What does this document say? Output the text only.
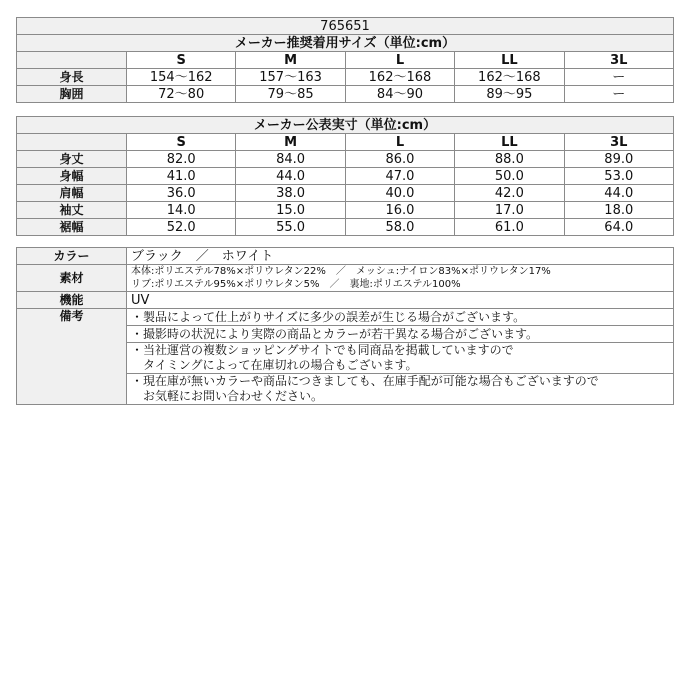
765651					
メーカー推奨着用サイズ（単位:cm）					
	S	M	L	LL	3L
身長	154〜162	157〜163	162〜168	162〜168	ー
胸囲	72〜80	79〜85	84〜90	89〜95	ー
メーカー公表実寸（単位:cm）					
	S	M	L	LL	3L
身丈	82.0	84.0	86.0	88.0	89.0
身幅	41.0	44.0	47.0	50.0	53.0
肩幅	36.0	38.0	40.0	42.0	44.0
袖丈	14.0	15.0	16.0	17.0	18.0
裾幅	52.0	55.0	58.0	61.0	64.0
カラー	ブラック　／　ホワイト
素材	本体:ポリエステル78%×ポリウレタン22%　／　メッシュ:ナイロン83%×ポリウレタン17%
リブ:ポリエステル95%×ポリウレタン5%　／　裏地:ポリエステル100%

機能	UV
備考	・製品によって仕上がりサイズに多少の誤差が生じる場合がございます。

	・撮影時の状況により実際の商品とカラーが若干異なる場合がございます。

	・当社運営の複数ショッピングサイトでも同商品を掲載していますので
　タイミングによって在庫切れの場合もございます。

	・現在庫が無いカラーや商品につきましても、在庫手配が可能な場合もございますので
　お気軽にお問い合わせください。
